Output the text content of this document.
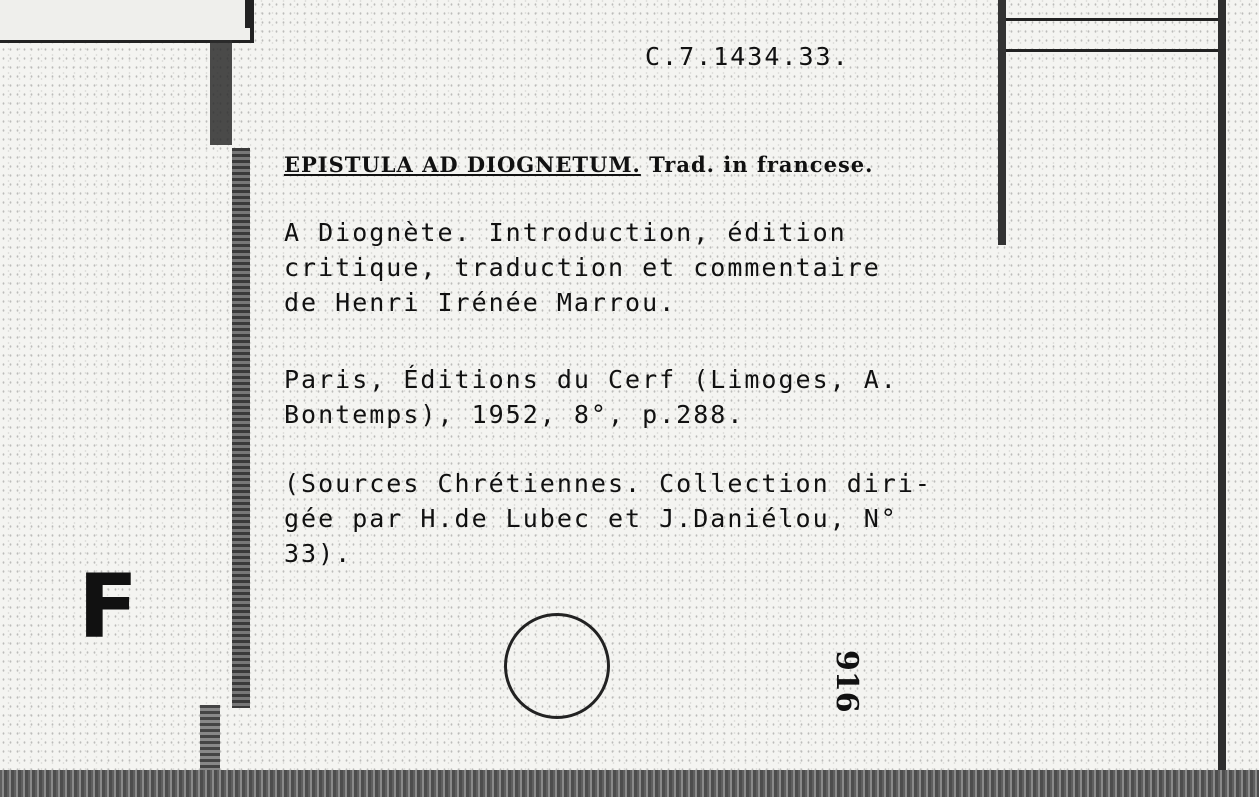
C.7.1434.33.
EPISTULA AD DIOGNETUM. Trad. in francese.
A Diognète. Introduction, édition
critique, traduction et commentaire
de Henri Irénée Marrou.
Paris, Éditions du Cerf (Limoges, A.
Bontemps), 1952, 8°, p.288.
(Sources Chrétiennes. Collection diri-
gée par H.de Lubec et J.Daniélou, N°
33).
F
916
